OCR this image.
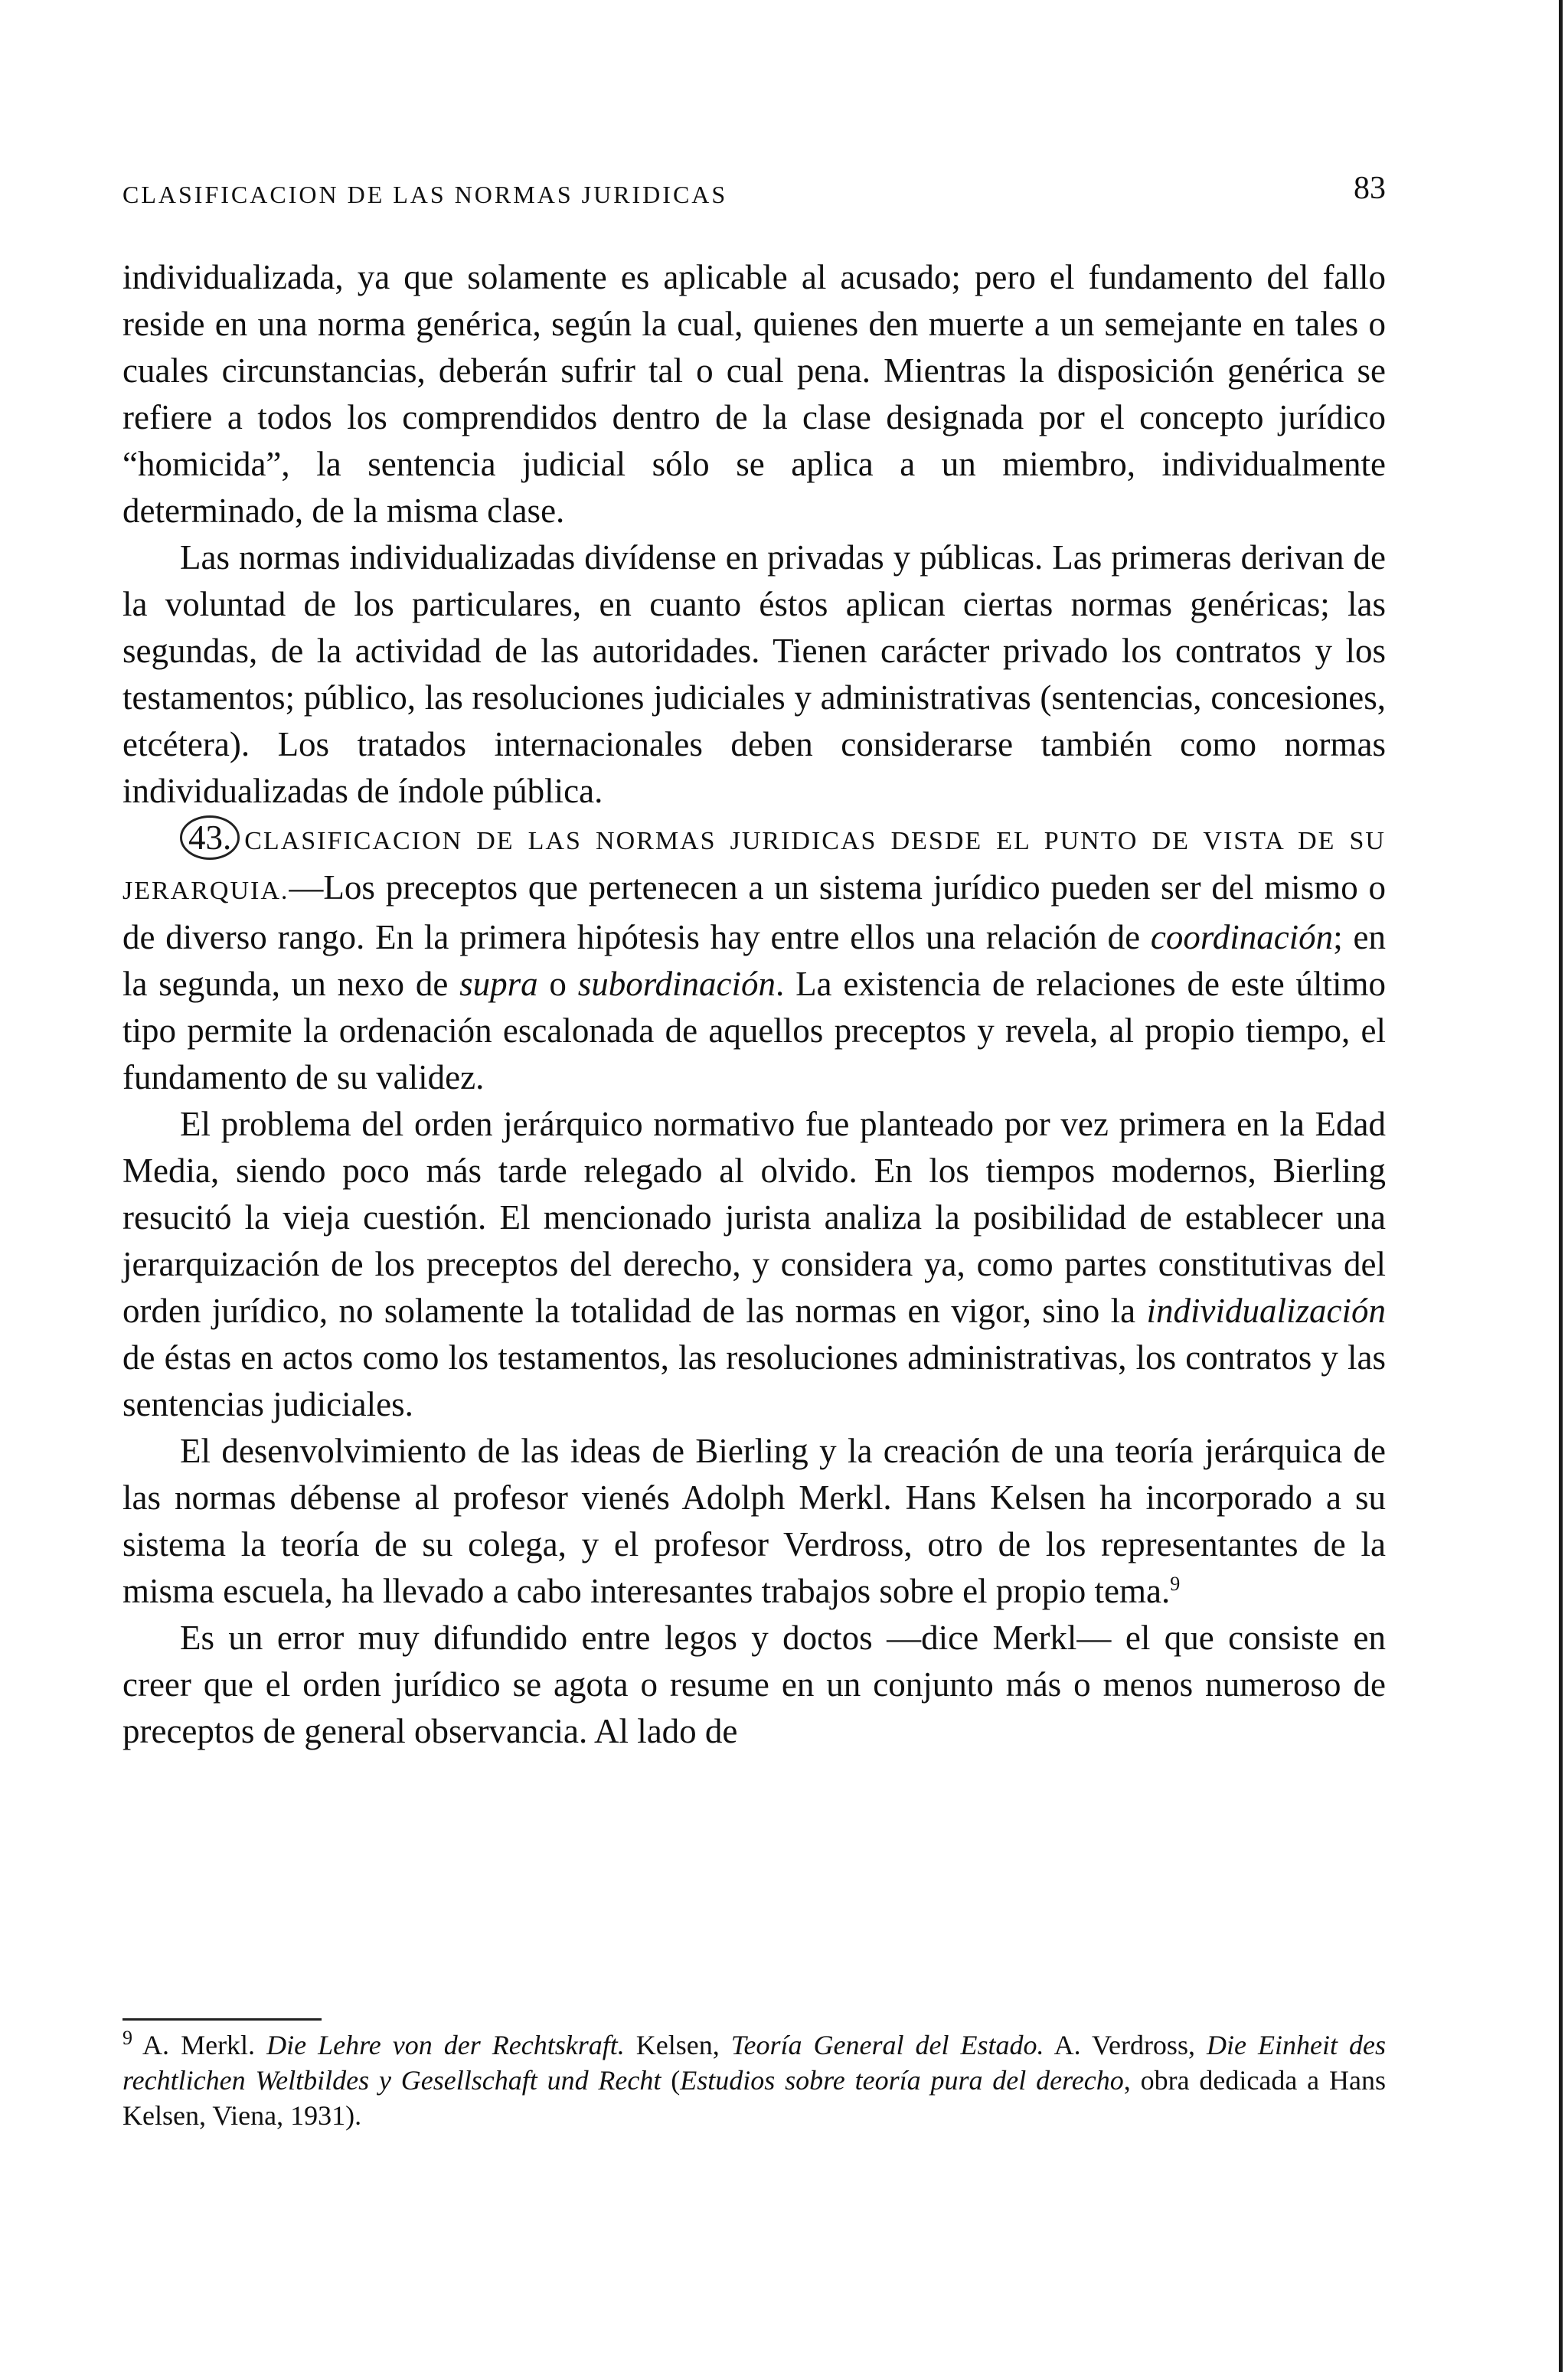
CLASIFICACION DE LAS NORMAS JURIDICAS	83

individualizada, ya que solamente es aplicable al acusado; pero el fundamento del fallo reside en una norma genérica, según la cual, quienes den muerte a un semejante en tales o cuales circunstancias, deberán sufrir tal o cual pena. Mientras la disposición genérica se refiere a todos los comprendidos dentro de la clase designada por el concepto jurídico “homicida”, la sentencia judicial sólo se aplica a un miembro, individualmente determinado, de la misma clase.

Las normas individualizadas divídense en privadas y públicas. Las primeras derivan de la voluntad de los particulares, en cuanto éstos aplican ciertas normas genéricas; las segundas, de la actividad de las autoridades. Tienen carácter privado los contratos y los testamentos; público, las resoluciones judiciales y administrativas (sentencias, concesiones, etcétera). Los tratados internacionales deben considerarse también como normas individualizadas de índole pública.

43. CLASIFICACION DE LAS NORMAS JURIDICAS DESDE EL PUNTO DE VISTA DE SU JERARQUIA.—Los preceptos que pertenecen a un sistema jurídico pueden ser del mismo o de diverso rango. En la primera hipótesis hay entre ellos una relación de coordinación; en la segunda, un nexo de supra o subordinación. La existencia de relaciones de este último tipo permite la ordenación escalonada de aquellos preceptos y revela, al propio tiempo, el fundamento de su validez.

El problema del orden jerárquico normativo fue planteado por vez primera en la Edad Media, siendo poco más tarde relegado al olvido. En los tiempos modernos, Bierling resucitó la vieja cuestión. El mencionado jurista analiza la posibilidad de establecer una jerarquización de los preceptos del derecho, y considera ya, como partes constitutivas del orden jurídico, no solamente la totalidad de las normas en vigor, sino la individualización de éstas en actos como los testamentos, las resoluciones administrativas, los contratos y las sentencias judiciales.

El desenvolvimiento de las ideas de Bierling y la creación de una teoría jerárquica de las normas débense al profesor vienés Adolph Merkl. Hans Kelsen ha incorporado a su sistema la teoría de su colega, y el profesor Verdross, otro de los representantes de la misma escuela, ha llevado a cabo interesantes trabajos sobre el propio tema.$^9$

Es un error muy difundido entre legos y doctos —dice Merkl— el que consiste en creer que el orden jurídico se agota o resume en un conjunto más o menos numeroso de preceptos de general observancia. Al lado de

$^9$ A. Merkl. Die Lehre von der Rechtskraft. Kelsen, Teoría General del Estado. A. Verdross, Die Einheit des rechtlichen Weltbildes y Gesellschaft und Recht (Estudios sobre teoría pura del derecho, obra dedicada a Hans Kelsen, Viena, 1931).
